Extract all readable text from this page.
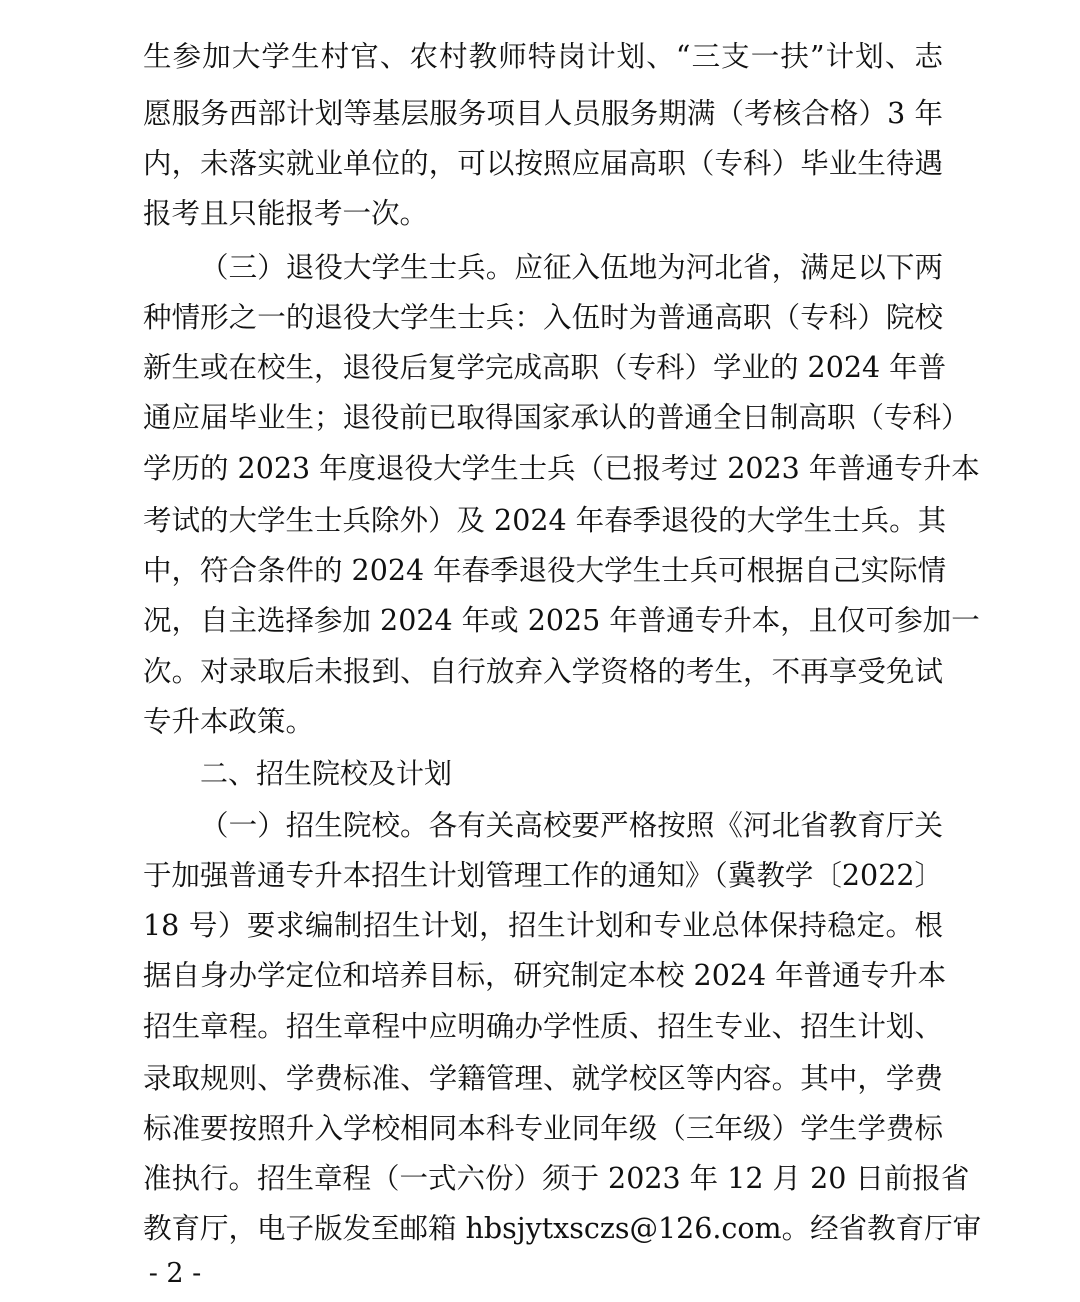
生参加大学生村官、农村教师特岗计划、“三支一扶”计划、志
愿服务西部计划等基层服务项目人员服务期满（考核合格）3 年
内，未落实就业单位的，可以按照应届高职（专科）毕业生待遇
报考且只能报考一次。
（三）退役大学生士兵。应征入伍地为河北省，满足以下两
种情形之一的退役大学生士兵：入伍时为普通高职（专科）院校
新生或在校生，退役后复学完成高职（专科）学业的 2024 年普
通应届毕业生；退役前已取得国家承认的普通全日制高职（专科）
学历的 2023 年度退役大学生士兵（已报考过 2023 年普通专升本
考试的大学生士兵除外）及 2024 年春季退役的大学生士兵。其
中，符合条件的 2024 年春季退役大学生士兵可根据自己实际情
况，自主选择参加 2024 年或 2025 年普通专升本，且仅可参加一
次。对录取后未报到、自行放弃入学资格的考生，不再享受免试
专升本政策。
二、招生院校及计划
（一）招生院校。各有关高校要严格按照《河北省教育厅关
于加强普通专升本招生计划管理工作的通知》（冀教学〔2022〕
18 号）要求编制招生计划，招生计划和专业总体保持稳定。根
据自身办学定位和培养目标，研究制定本校 2024 年普通专升本
招生章程。招生章程中应明确办学性质、招生专业、招生计划、
录取规则、学费标准、学籍管理、就学校区等内容。其中，学费
标准要按照升入学校相同本科专业同年级（三年级）学生学费标
准执行。招生章程（一式六份）须于 2023 年 12 月 20 日前报省
教育厅，电子版发至邮箱 hbsjytxsczs@126.com。经省教育厅审
- 2 -
